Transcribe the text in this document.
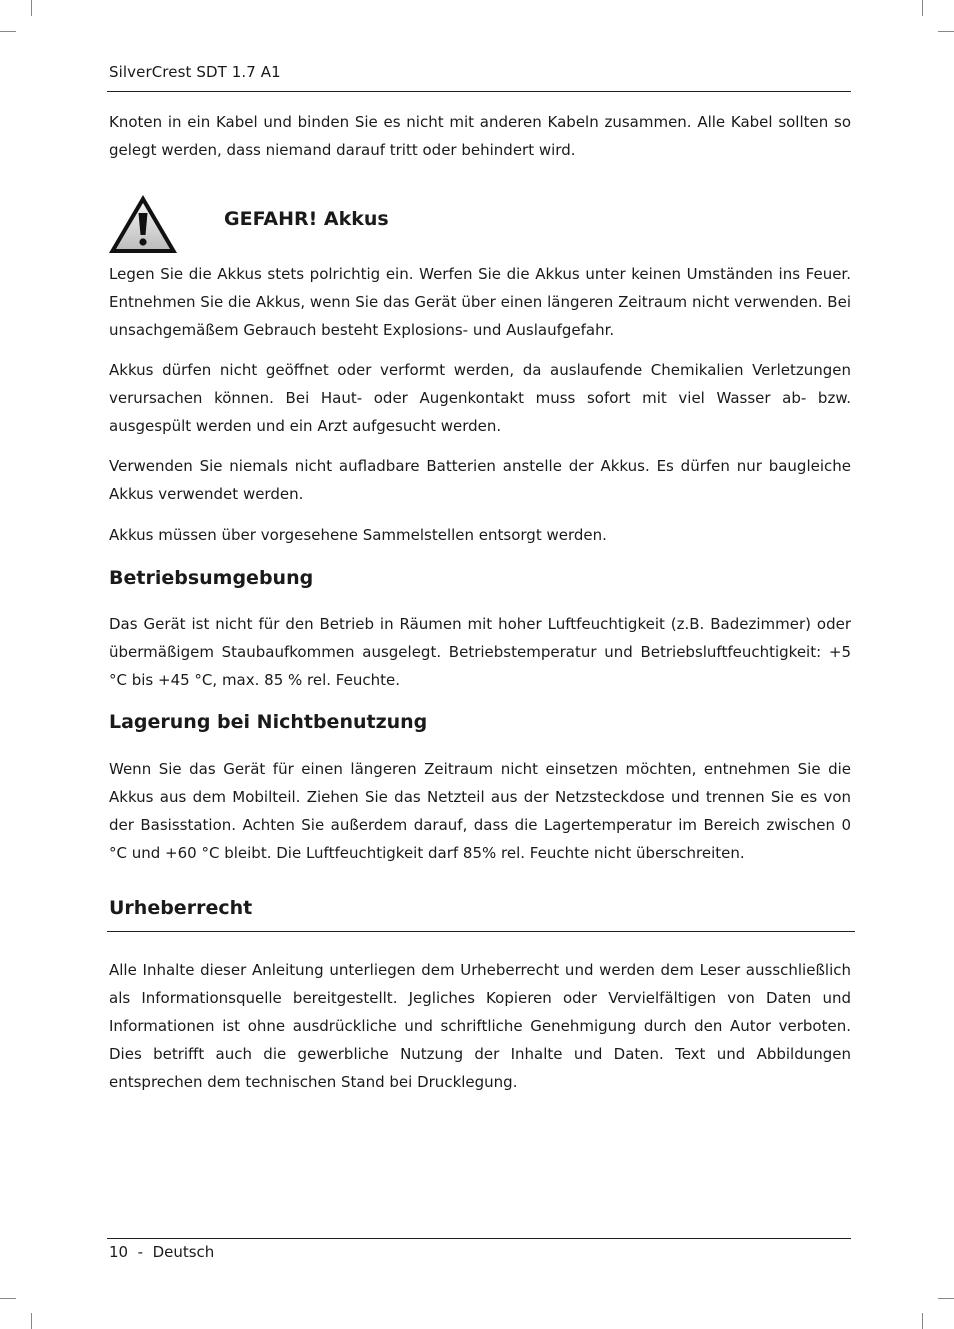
SilverCrest SDT 1.7 A1

Knoten in ein Kabel und binden Sie es nicht mit anderen Kabeln zusammen. Alle Kabel sollten so gelegt werden, dass niemand darauf tritt oder behindert wird.

GEFAHR! Akkus

Legen Sie die Akkus stets polrichtig ein. Werfen Sie die Akkus unter keinen Umständen ins Feuer. Entnehmen Sie die Akkus, wenn Sie das Gerät über einen längeren Zeitraum nicht verwenden. Bei unsachgemäßem Gebrauch besteht Explosions- und Auslaufgefahr.

Akkus dürfen nicht geöffnet oder verformt werden, da auslaufende Chemikalien Verletzungen verursachen können. Bei Haut- oder Augenkontakt muss sofort mit viel Wasser ab- bzw. ausgespült werden und ein Arzt aufgesucht werden.

Verwenden Sie niemals nicht aufladbare Batterien anstelle der Akkus. Es dürfen nur baugleiche Akkus verwendet werden.

Akkus müssen über vorgesehene Sammelstellen entsorgt werden.

Betriebsumgebung

Das Gerät ist nicht für den Betrieb in Räumen mit hoher Luftfeuchtigkeit (z.B. Badezimmer) oder übermäßigem Staubaufkommen ausgelegt. Betriebstemperatur und Betriebsluftfeuchtigkeit: +5 °C bis +45 °C, max. 85 % rel. Feuchte.

Lagerung bei Nichtbenutzung

Wenn Sie das Gerät für einen längeren Zeitraum nicht einsetzen möchten, entnehmen Sie die Akkus aus dem Mobilteil. Ziehen Sie das Netzteil aus der Netzsteckdose und trennen Sie es von der Basisstation. Achten Sie außerdem darauf, dass die Lagertemperatur im Bereich zwischen 0 °C und +60 °C bleibt. Die Luftfeuchtigkeit darf 85% rel. Feuchte nicht überschreiten.

Urheberrecht

Alle Inhalte dieser Anleitung unterliegen dem Urheberrecht und werden dem Leser ausschließlich als Informationsquelle bereitgestellt. Jegliches Kopieren oder Vervielfältigen von Daten und Informationen ist ohne ausdrückliche und schriftliche Genehmigung durch den Autor verboten. Dies betrifft auch die gewerbliche Nutzung der Inhalte und Daten. Text und Abbildungen entsprechen dem technischen Stand bei Drucklegung.

10  -  Deutsch
